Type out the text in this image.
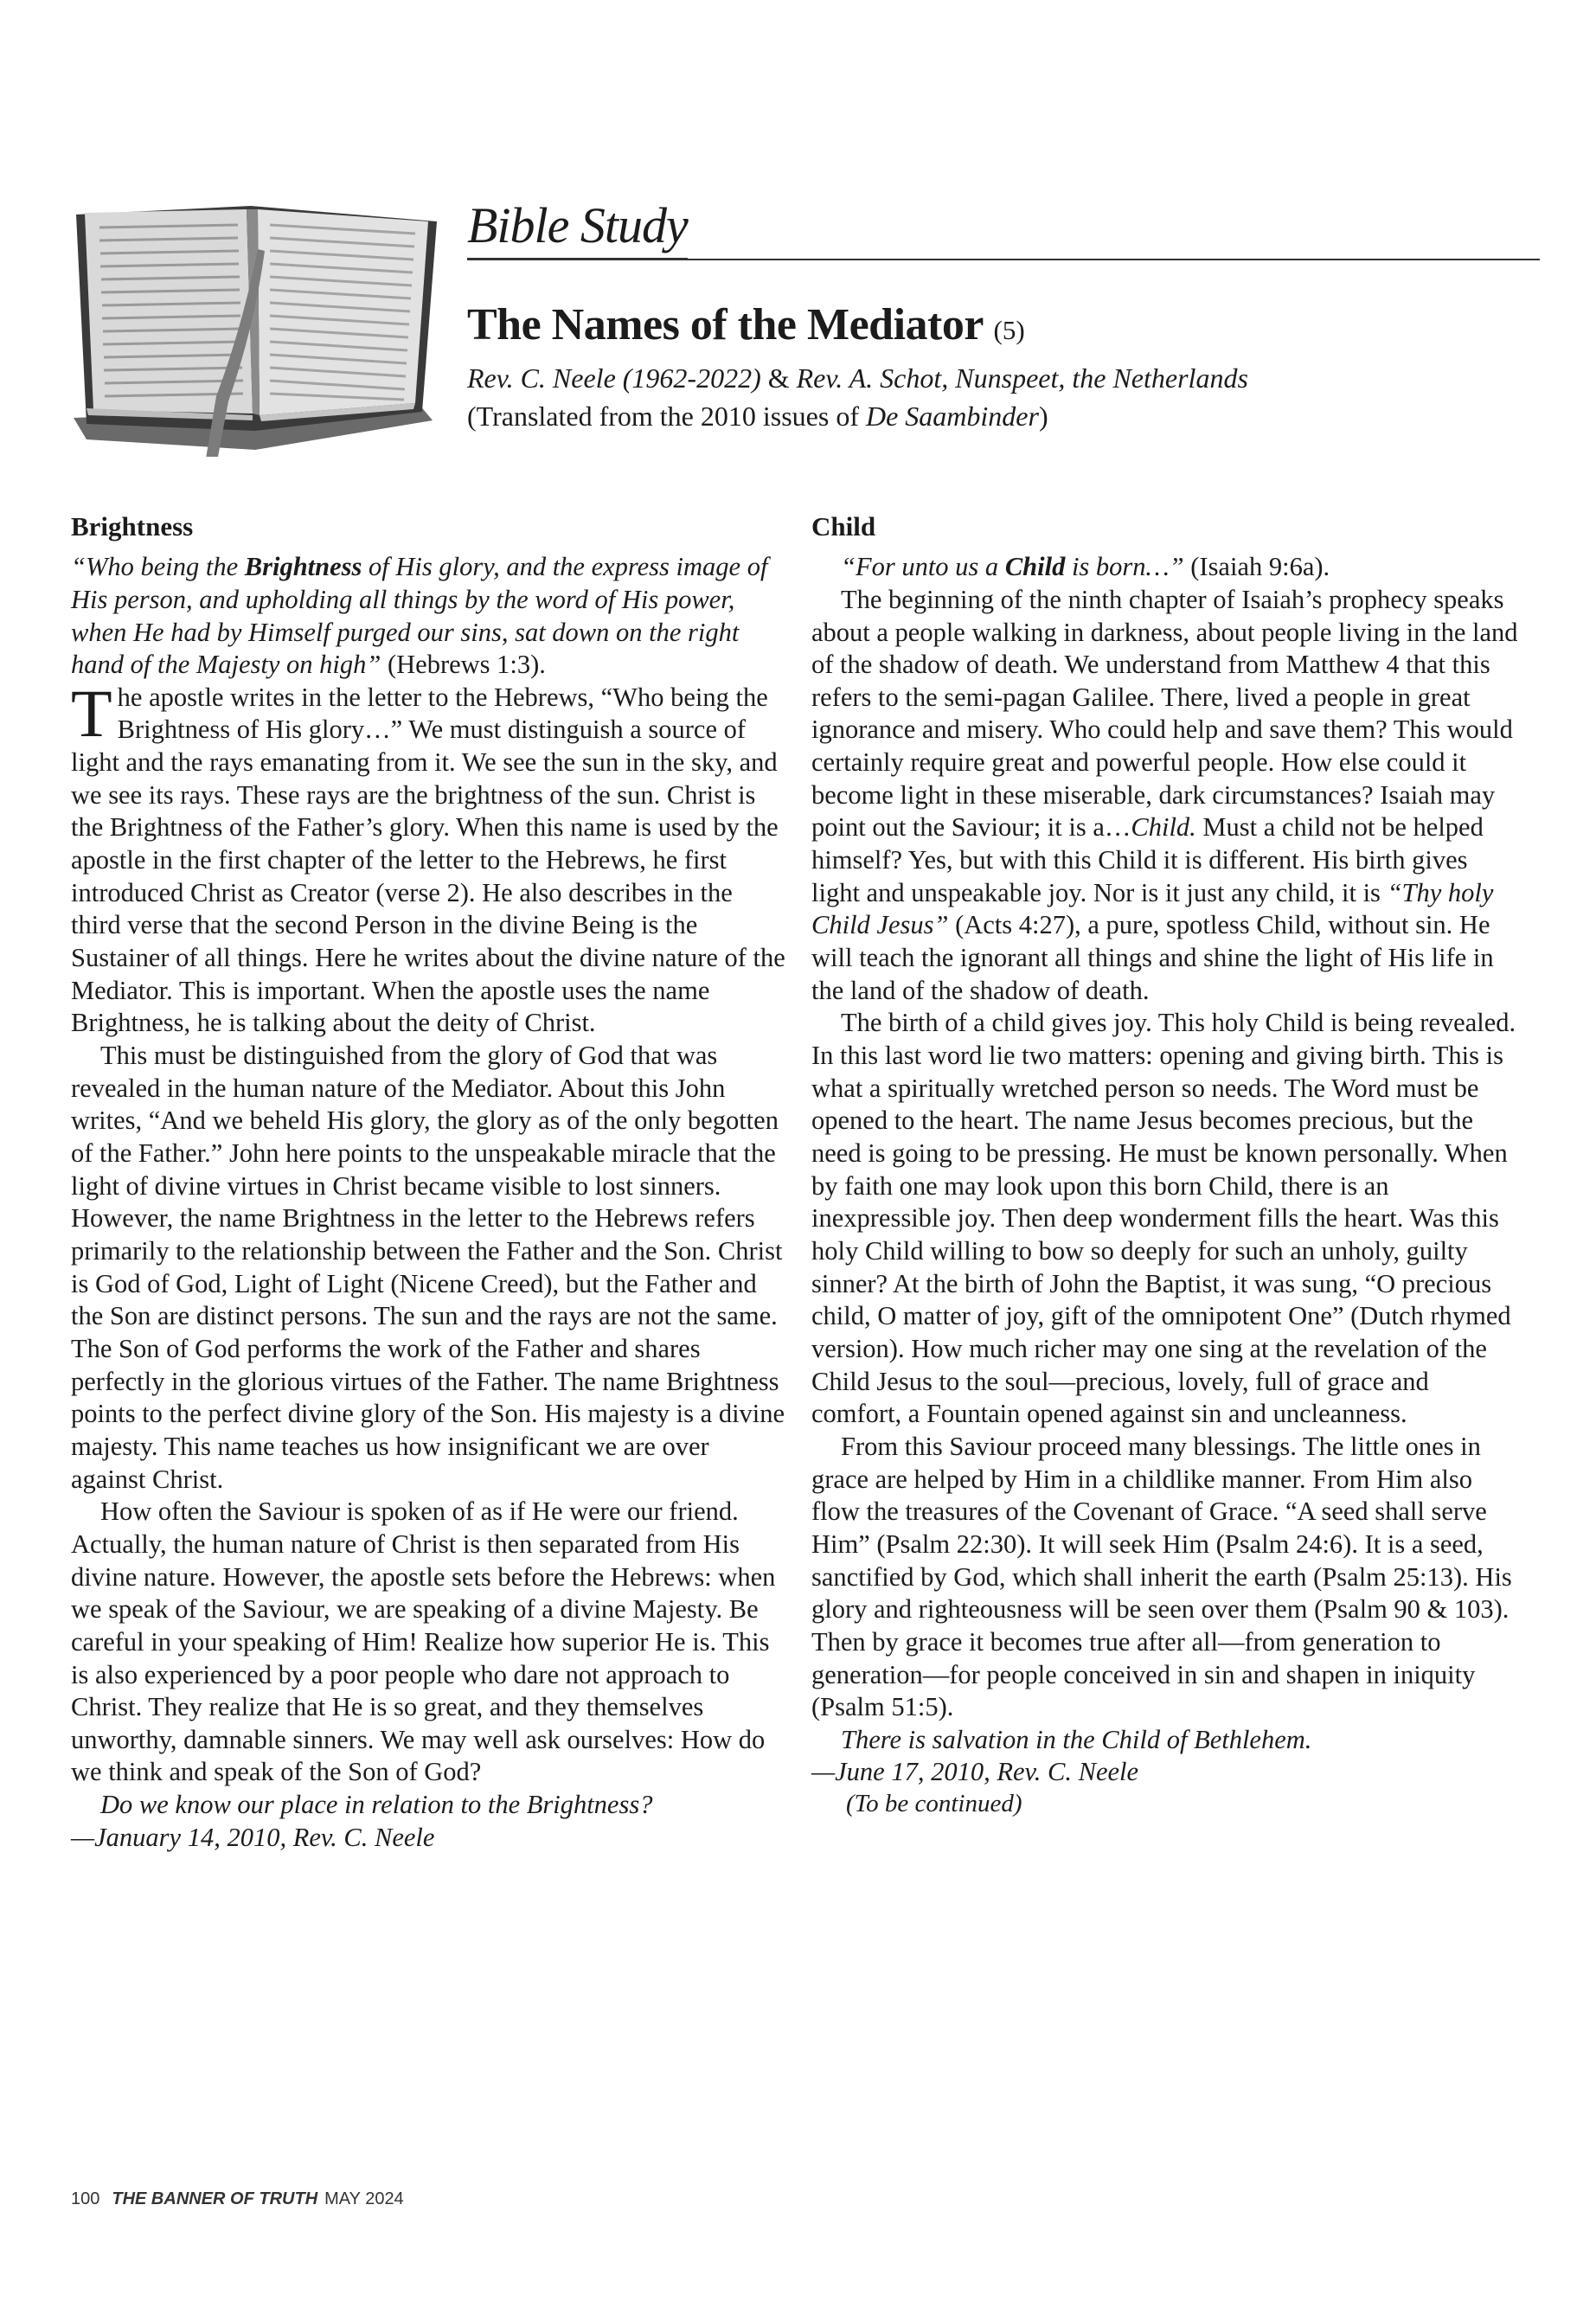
Bible Study
The Names of the Mediator (5)
Rev. C. Neele (1962-2022) & Rev. A. Schot, Nunspeet, the Netherlands
(Translated from the 2010 issues of De Saambinder)
Brightness

“Who being the Brightness of His glory, and the express image of His person, and upholding all things by the word of His power, when He had by Himself purged our sins, sat down on the right hand of the Majesty on high” (Hebrews 1:3).

The apostle writes in the letter to the Hebrews, “Who being the Brightness of His glory…” We must distinguish a source of light and the rays emanating from it. We see the sun in the sky, and we see its rays. These rays are the brightness of the sun. Christ is the Brightness of the Father’s glory. When this name is used by the apostle in the first chapter of the letter to the Hebrews, he first introduced Christ as Creator (verse 2). He also describes in the third verse that the second Person in the divine Being is the Sustainer of all things. Here he writes about the divine nature of the Mediator. This is important. When the apostle uses the name Brightness, he is talking about the deity of Christ.

This must be distinguished from the glory of God that was revealed in the human nature of the Mediator. About this John writes, “And we beheld His glory, the glory as of the only begotten of the Father.” John here points to the unspeakable miracle that the light of divine virtues in Christ became visible to lost sinners. However, the name Brightness in the letter to the Hebrews refers primarily to the relationship between the Father and the Son. Christ is God of God, Light of Light (Nicene Creed), but the Father and the Son are distinct persons. The sun and the rays are not the same. The Son of God performs the work of the Father and shares perfectly in the glorious virtues of the Father. The name Brightness points to the perfect divine glory of the Son. His majesty is a divine majesty. This name teaches us how insignificant we are over against Christ.

How often the Saviour is spoken of as if He were our friend. Actually, the human nature of Christ is then separated from His divine nature. However, the apostle sets before the Hebrews: when we speak of the Saviour, we are speaking of a divine Majesty. Be careful in your speaking of Him! Realize how superior He is. This is also experienced by a poor people who dare not approach to Christ. They realize that He is so great, and they themselves unworthy, damnable sinners. We may well ask ourselves: How do we think and speak of the Son of God?

Do we know our place in relation to the Brightness?

—January 14, 2010, Rev. C. Neele

Child

“For unto us a Child is born…” (Isaiah 9:6a).

The beginning of the ninth chapter of Isaiah’s prophecy speaks about a people walking in darkness, about people living in the land of the shadow of death. We understand from Matthew 4 that this refers to the semi-pagan Galilee. There, lived a people in great ignorance and misery. Who could help and save them? This would certainly require great and powerful people. How else could it become light in these miserable, dark circumstances? Isaiah may point out the Saviour; it is a…Child. Must a child not be helped himself? Yes, but with this Child it is different. His birth gives light and unspeakable joy. Nor is it just any child, it is “Thy holy Child Jesus” (Acts 4:27), a pure, spotless Child, without sin. He will teach the ignorant all things and shine the light of His life in the land of the shadow of death.

The birth of a child gives joy. This holy Child is being revealed. In this last word lie two matters: opening and giving birth. This is what a spiritually wretched person so needs. The Word must be opened to the heart. The name Jesus becomes precious, but the need is going to be pressing. He must be known personally. When by faith one may look upon this born Child, there is an inexpressible joy. Then deep wonderment fills the heart. Was this holy Child willing to bow so deeply for such an unholy, guilty sinner? At the birth of John the Baptist, it was sung, “O precious child, O matter of joy, gift of the omnipotent One” (Dutch rhymed version). How much richer may one sing at the revelation of the Child Jesus to the soul—precious, lovely, full of grace and comfort, a Fountain opened against sin and uncleanness.

From this Saviour proceed many blessings. The little ones in grace are helped by Him in a childlike manner. From Him also flow the treasures of the Covenant of Grace. “A seed shall serve Him” (Psalm 22:30). It will seek Him (Psalm 24:6). It is a seed, sanctified by God, which shall inherit the earth (Psalm 25:13). His glory and righteousness will be seen over them (Psalm 90 & 103). Then by grace it becomes true after all—from generation to generation—for people conceived in sin and shapen in iniquity (Psalm 51:5).

There is salvation in the Child of Bethlehem.

—June 17, 2010, Rev. C. Neele

(To be continued)

100 THE BANNER OF TRUTH MAY 2024
